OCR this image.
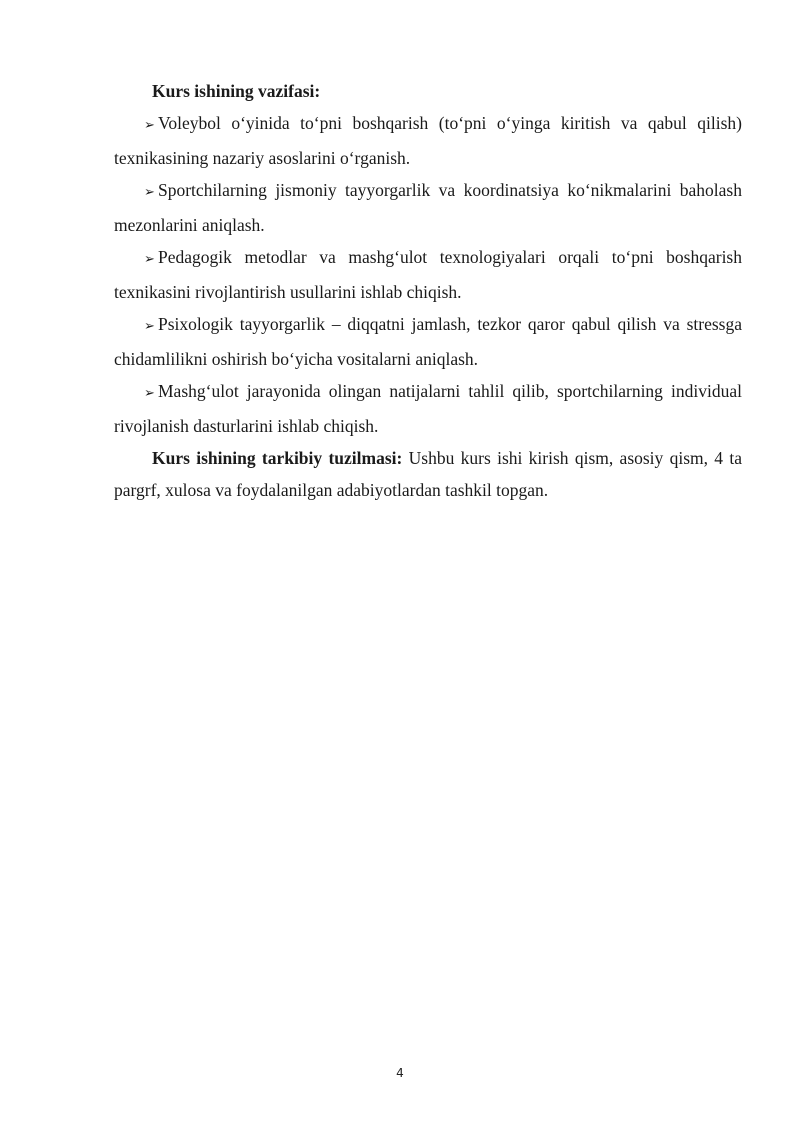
Kurs ishining vazifasi:

➢ Voleybol o‘yinida to‘pni boshqarish (to‘pni o‘yinga kiritish va qabul qilish) texnikasining nazariy asoslarini o‘rganish.

➢ Sportchilarning jismoniy tayyorgarlik va koordinatsiya ko‘nikmalarini baholash mezonlarini aniqlash.

➢ Pedagogik metodlar va mashg‘ulot texnologiyalari orqali to‘pni boshqarish texnikasini rivojlantirish usullarini ishlab chiqish.

➢ Psixologik tayyorgarlik – diqqatni jamlash, tezkor qaror qabul qilish va stressga chidamlilikni oshirish bo‘yicha vositalarni aniqlash.

➢ Mashg‘ulot jarayonida olingan natijalarni tahlil qilib, sportchilarning individual rivojlanish dasturlarini ishlab chiqish.

Kurs ishining tarkibiy tuzilmasi: Ushbu kurs ishi kirish qism, asosiy qism, 4 ta pargrf, xulosa va foydalanilgan adabiyotlardan tashkil topgan.

4
